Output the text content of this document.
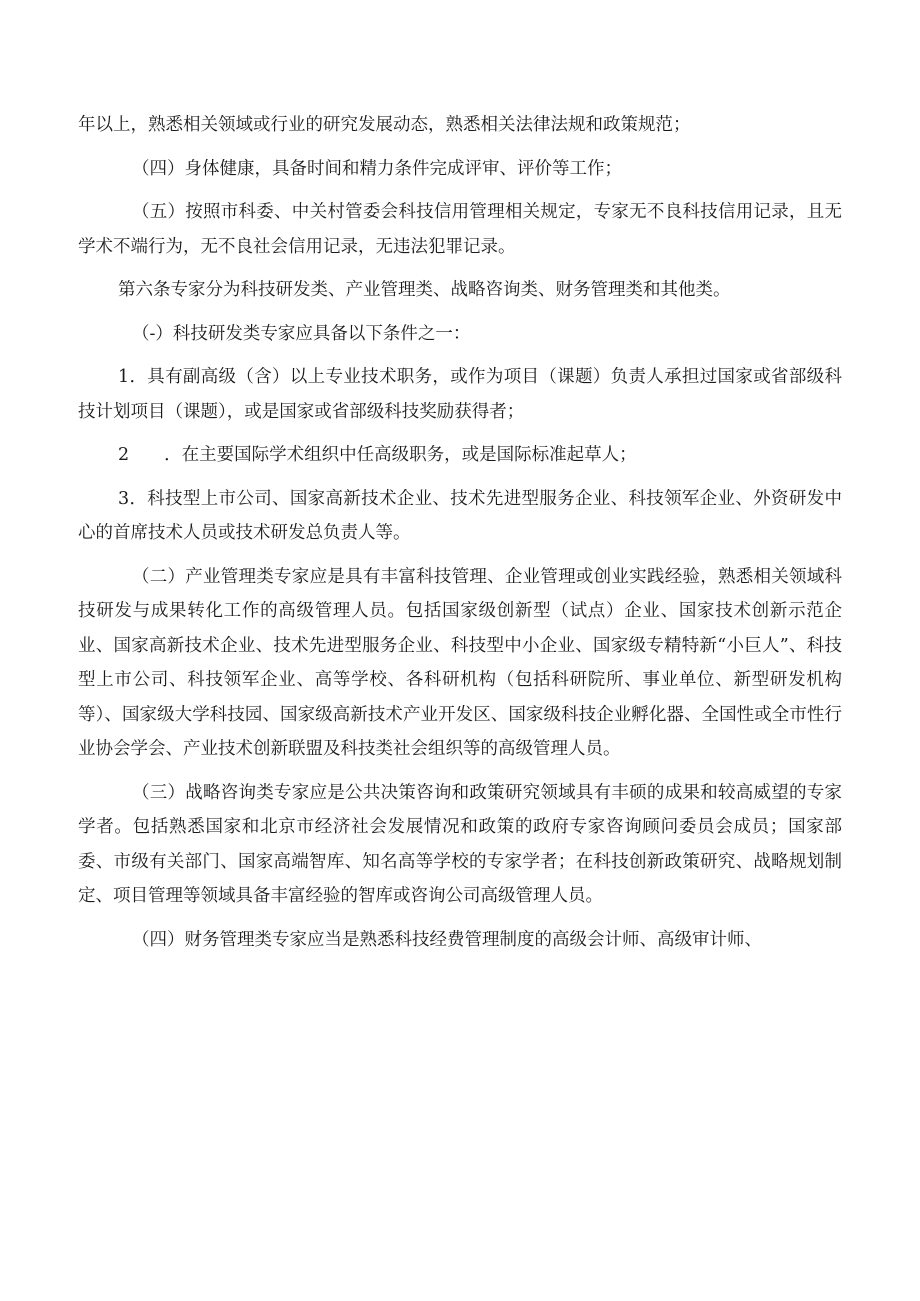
年以上，熟悉相关领域或行业的研究发展动态，熟悉相关法律法规和政策规范；

（四）身体健康，具备时间和精力条件完成评审、评价等工作；

（五）按照市科委、中关村管委会科技信用管理相关规定，专家无不良科技信用记录，且无学术不端行为，无不良社会信用记录，无违法犯罪记录。

第六条专家分为科技研发类、产业管理类、战略咨询类、财务管理类和其他类。

（-）科技研发类专家应具备以下条件之一：

1．具有副高级（含）以上专业技术职务，或作为项目（课题）负责人承担过国家或省部级科技计划项目（课题），或是国家或省部级科技奖励获得者；

2　　．在主要国际学术组织中任高级职务，或是国际标准起草人；

3．科技型上市公司、国家高新技术企业、技术先进型服务企业、科技领军企业、外资研发中心的首席技术人员或技术研发总负责人等。

（二）产业管理类专家应是具有丰富科技管理、企业管理或创业实践经验，熟悉相关领域科技研发与成果转化工作的高级管理人员。包括国家级创新型（试点）企业、国家技术创新示范企业、国家高新技术企业、技术先进型服务企业、科技型中小企业、国家级专精特新“小巨人”、科技型上市公司、科技领军企业、高等学校、各科研机构（包括科研院所、事业单位、新型研发机构等）、国家级大学科技园、国家级高新技术产业开发区、国家级科技企业孵化器、全国性或全市性行业协会学会、产业技术创新联盟及科技类社会组织等的高级管理人员。

（三）战略咨询类专家应是公共决策咨询和政策研究领域具有丰硕的成果和较高威望的专家学者。包括熟悉国家和北京市经济社会发展情况和政策的政府专家咨询顾问委员会成员；国家部委、市级有关部门、国家高端智库、知名高等学校的专家学者；在科技创新政策研究、战略规划制定、项目管理等领域具备丰富经验的智库或咨询公司高级管理人员。

（四）财务管理类专家应当是熟悉科技经费管理制度的高级会计师、高级审计师、
